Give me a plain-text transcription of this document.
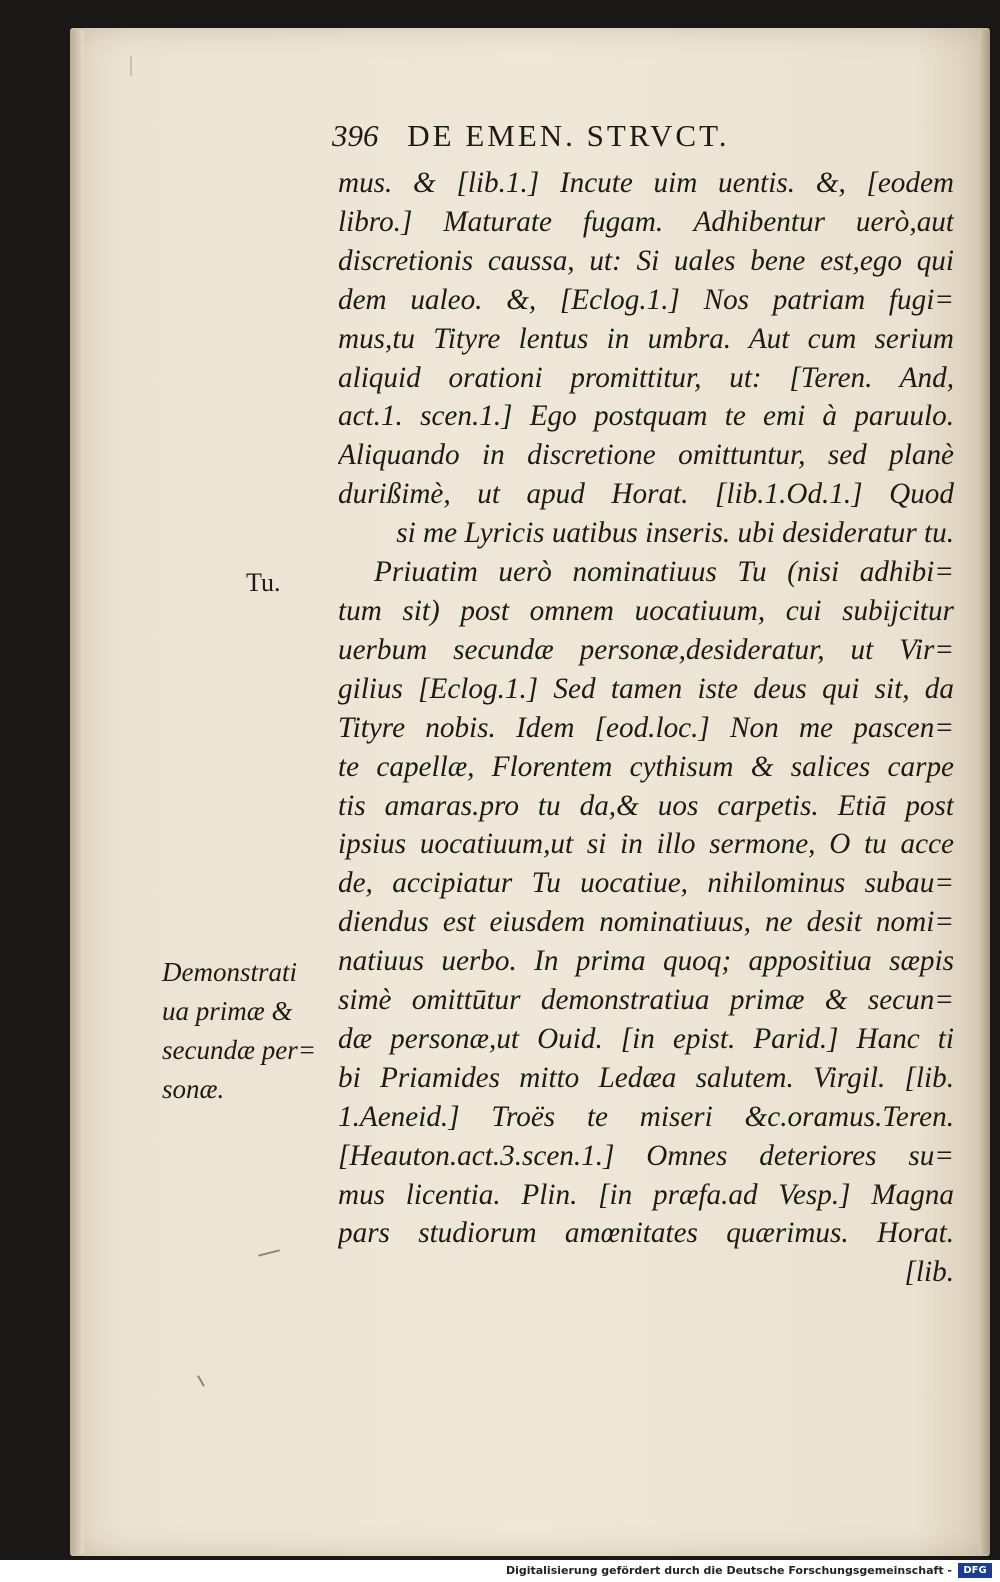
396 DE EMEN. STRVCT.
mus. & [lib.1.] Incute uim uentis. &, [eodem
libro.] Maturate fugam. Adhibentur uerò,aut
discretionis caussa, ut: Si uales bene est,ego qui
dem ualeo. &, [Eclog.1.] Nos patriam fugi=
mus,tu Tityre lentus in umbra. Aut cum serium
aliquid orationi promittitur, ut: [Teren. And,
act.1. scen.1.] Ego postquam te emi à paruulo.
Aliquando in discretione omittuntur, sed planè
durißimè, ut apud Horat. [lib.1.Od.1.] Quod
si me Lyricis uatibus inseris. ubi desideratur tu.
Priuatim uerò nominatiuus Tu (nisi adhibi=
tum sit) post omnem uocatiuum, cui subijcitur
uerbum secundæ personæ,desideratur, ut Vir=
gilius [Eclog.1.] Sed tamen iste deus qui sit, da
Tityre nobis. Idem [eod.loc.] Non me pascen=
te capellæ, Florentem cythisum & salices carpe
tis amaras.pro tu da,& uos carpetis. Etiā post
ipsius uocatiuum,ut si in illo sermone, O tu acce
de, accipiatur Tu uocatiue, nihilominus subau=
diendus est eiusdem nominatiuus, ne desit nomi=
natiuus uerbo. In prima quoq; appositiua sæpis
simè omittūtur demonstratiua primæ & secun=
dæ personæ,ut Ouid. [in epist. Parid.] Hanc ti
bi Priamides mitto Ledæa salutem. Virgil. [lib.
1.Aeneid.] Troës te miseri &c.oramus.Teren.
[Heauton.act.3.scen.1.] Omnes deteriores su=
mus licentia. Plin. [in præfa.ad Vesp.] Magna
pars studiorum amœnitates quærimus. Horat.
[lib.
Tu.
Demonstrati
ua primæ &
secundæ per=
sonæ.
Digitalisierung gefördert durch die Deutsche Forschungsgemeinschaft -	DFG
